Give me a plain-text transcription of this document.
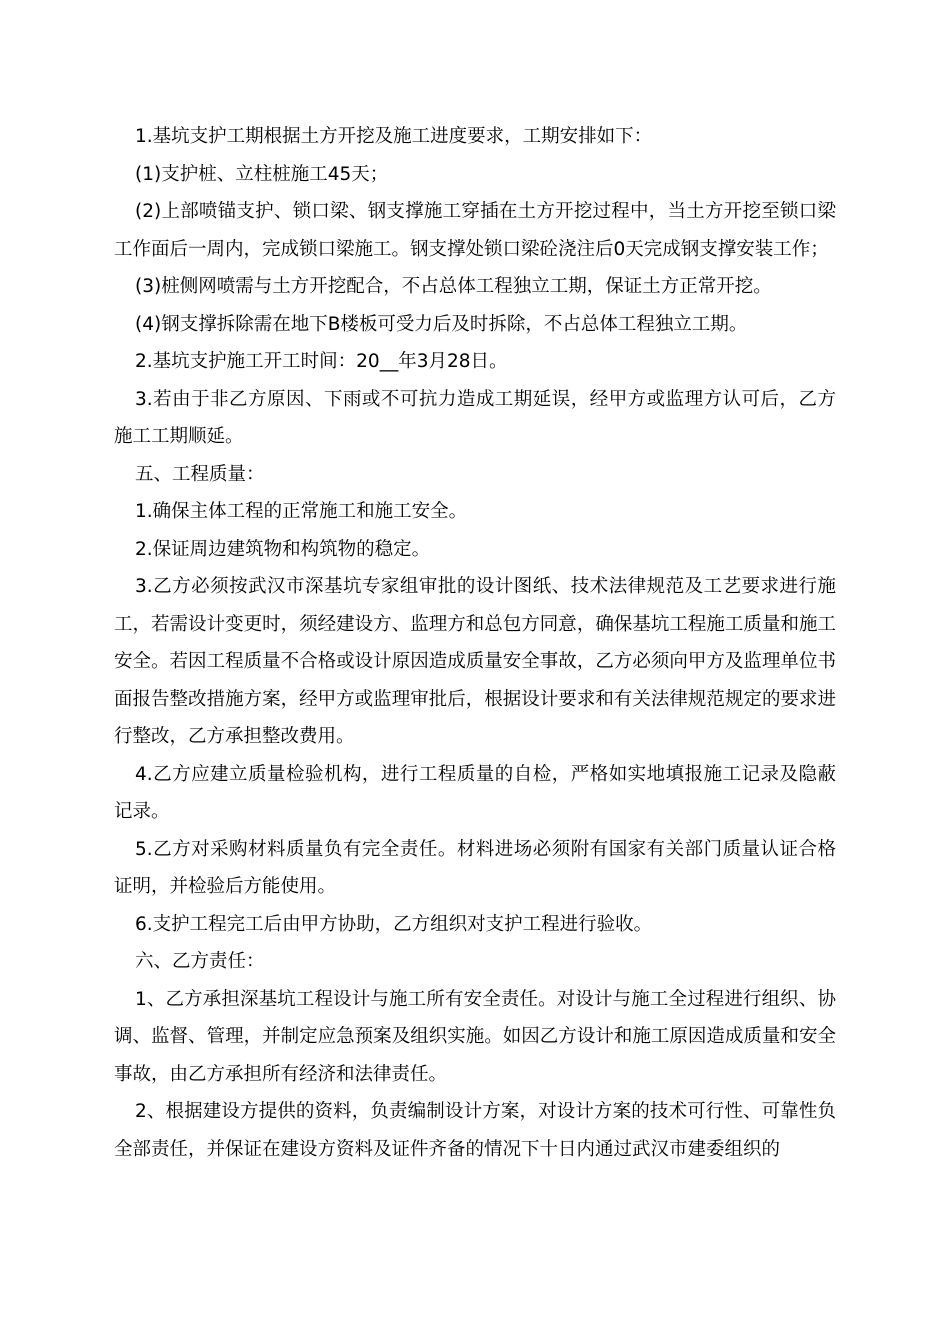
1.基坑支护工期根据土方开挖及施工进度要求，工期安排如下：

(1)支护桩、立柱桩施工45天；

(2)上部喷锚支护、锁口梁、钢支撑施工穿插在土方开挖过程中，当土方开挖至锁口梁工作面后一周内，完成锁口梁施工。钢支撑处锁口梁砼浇注后0天完成钢支撑安装工作；

(3)桩侧网喷需与土方开挖配合，不占总体工程独立工期，保证土方正常开挖。

(4)钢支撑拆除需在地下B楼板可受力后及时拆除，不占总体工程独立工期。

2.基坑支护施工开工时间：20__年3月28日。

3.若由于非乙方原因、下雨或不可抗力造成工期延误，经甲方或监理方认可后，乙方施工工期顺延。

五、工程质量：

1.确保主体工程的正常施工和施工安全。

2.保证周边建筑物和构筑物的稳定。

3.乙方必须按武汉市深基坑专家组审批的设计图纸、技术法律规范及工艺要求进行施工，若需设计变更时，须经建设方、监理方和总包方同意，确保基坑工程施工质量和施工安全。若因工程质量不合格或设计原因造成质量安全事故，乙方必须向甲方及监理单位书面报告整改措施方案，经甲方或监理审批后，根据设计要求和有关法律规范规定的要求进行整改，乙方承担整改费用。

4.乙方应建立质量检验机构，进行工程质量的自检，严格如实地填报施工记录及隐蔽记录。

5.乙方对采购材料质量负有完全责任。材料进场必须附有国家有关部门质量认证合格证明，并检验后方能使用。

6.支护工程完工后由甲方协助，乙方组织对支护工程进行验收。

六、乙方责任：

1、乙方承担深基坑工程设计与施工所有安全责任。对设计与施工全过程进行组织、协调、监督、管理，并制定应急预案及组织实施。如因乙方设计和施工原因造成质量和安全事故，由乙方承担所有经济和法律责任。

2、根据建设方提供的资料，负责编制设计方案，对设计方案的技术可行性、可靠性负全部责任，并保证在建设方资料及证件齐备的情况下十日内通过武汉市建委组织的
